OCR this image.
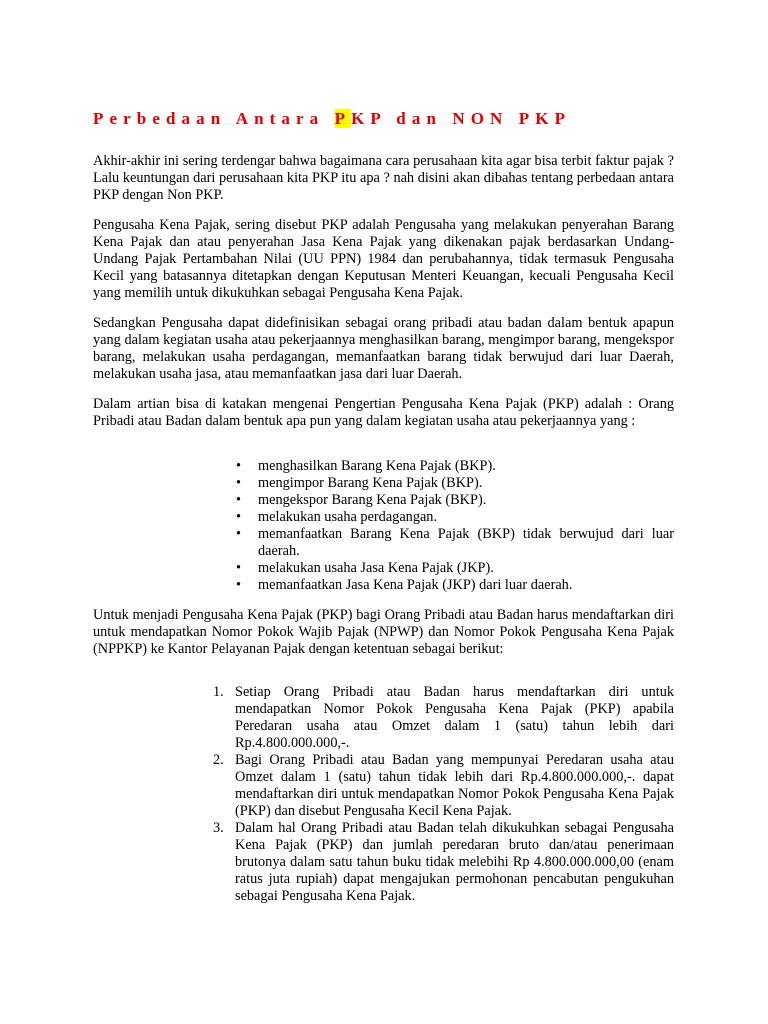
Perbedaan Antara PKP dan NON PKP

Akhir-akhir ini sering terdengar bahwa bagaimana cara perusahaan kita agar bisa terbit faktur pajak ? Lalu keuntungan dari perusahaan kita PKP itu apa ? nah disini akan dibahas tentang perbedaan antara PKP dengan Non PKP.

Pengusaha Kena Pajak, sering disebut PKP adalah Pengusaha yang melakukan penyerahan Barang Kena Pajak dan atau penyerahan Jasa Kena Pajak yang dikenakan pajak berdasarkan Undang-Undang Pajak Pertambahan Nilai (UU PPN) 1984 dan perubahannya, tidak termasuk Pengusaha Kecil yang batasannya ditetapkan dengan Keputusan Menteri Keuangan, kecuali Pengusaha Kecil yang memilih untuk dikukuhkan sebagai Pengusaha Kena Pajak.

Sedangkan Pengusaha dapat didefinisikan sebagai orang pribadi atau badan dalam bentuk apapun yang dalam kegiatan usaha atau pekerjaannya menghasilkan barang, mengimpor barang, mengekspor barang, melakukan usaha perdagangan, memanfaatkan barang tidak berwujud dari luar Daerah, melakukan usaha jasa, atau memanfaatkan jasa dari luar Daerah.

Dalam artian bisa di katakan mengenai Pengertian Pengusaha Kena Pajak (PKP) adalah : Orang Pribadi atau Badan dalam bentuk apa pun yang dalam kegiatan usaha atau pekerjaannya yang :

• menghasilkan Barang Kena Pajak (BKP).
• mengimpor Barang Kena Pajak (BKP).
• mengekspor Barang Kena Pajak (BKP).
• melakukan usaha perdagangan.
• memanfaatkan Barang Kena Pajak (BKP) tidak berwujud dari luar daerah.
• melakukan usaha Jasa Kena Pajak (JKP).
• memanfaatkan Jasa Kena Pajak (JKP) dari luar daerah.

Untuk menjadi Pengusaha Kena Pajak (PKP) bagi Orang Pribadi atau Badan harus mendaftarkan diri untuk mendapatkan Nomor Pokok Wajib Pajak (NPWP) dan Nomor Pokok Pengusaha Kena Pajak (NPPKP) ke Kantor Pelayanan Pajak dengan ketentuan sebagai berikut:

1. Setiap Orang Pribadi atau Badan harus mendaftarkan diri untuk mendapatkan Nomor Pokok Pengusaha Kena Pajak (PKP) apabila Peredaran usaha atau Omzet dalam 1 (satu) tahun lebih dari Rp.4.800.000.000,-.
2. Bagi Orang Pribadi atau Badan yang mempunyai Peredaran usaha atau Omzet dalam 1 (satu) tahun tidak lebih dari Rp.4.800.000.000,-. dapat mendaftarkan diri untuk mendapatkan Nomor Pokok Pengusaha Kena Pajak (PKP) dan disebut Pengusaha Kecil Kena Pajak.
3. Dalam hal Orang Pribadi atau Badan telah dikukuhkan sebagai Pengusaha Kena Pajak (PKP) dan jumlah peredaran bruto dan/atau penerimaan brutonya dalam satu tahun buku tidak melebihi Rp 4.800.000.000,00 (enam ratus juta rupiah) dapat mengajukan permohonan pencabutan pengukuhan sebagai Pengusaha Kena Pajak.
